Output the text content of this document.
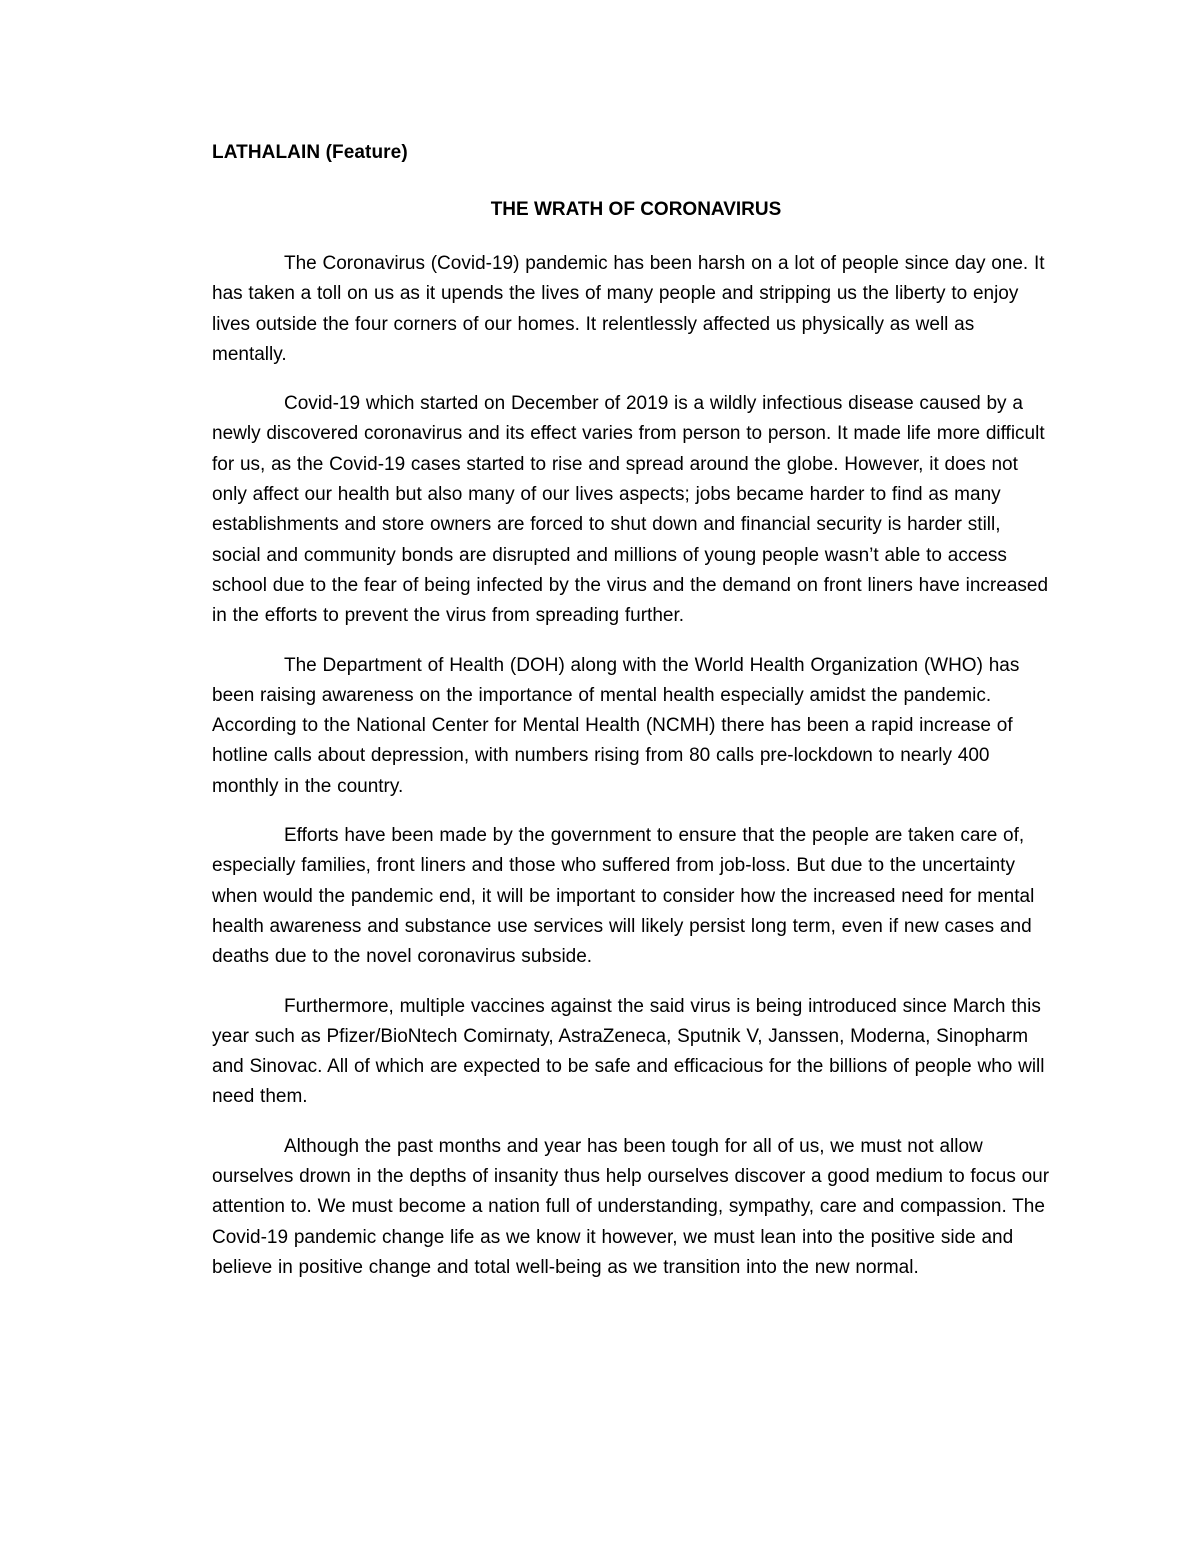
LATHALAIN (Feature)

THE WRATH OF CORONAVIRUS

The Coronavirus (Covid-19) pandemic has been harsh on a lot of people since day one. It has taken a toll on us as it upends the lives of many people and stripping us the liberty to enjoy lives outside the four corners of our homes. It relentlessly affected us physically as well as mentally.

Covid-19 which started on December of 2019 is a wildly infectious disease caused by a newly discovered coronavirus and its effect varies from person to person. It made life more difficult for us, as the Covid-19 cases started to rise and spread around the globe. However, it does not only affect our health but also many of our lives aspects; jobs became harder to find as many establishments and store owners are forced to shut down and financial security is harder still, social and community bonds are disrupted and millions of young people wasn’t able to access school due to the fear of being infected by the virus and the demand on front liners have increased in the efforts to prevent the virus from spreading further.

The Department of Health (DOH) along with the World Health Organization (WHO) has been raising awareness on the importance of mental health especially amidst the pandemic. According to the National Center for Mental Health (NCMH) there has been a rapid increase of hotline calls about depression, with numbers rising from 80 calls pre-lockdown to nearly 400 monthly in the country.

Efforts have been made by the government to ensure that the people are taken care of, especially families, front liners and those who suffered from job-loss. But due to the uncertainty when would the pandemic end, it will be important to consider how the increased need for mental health awareness and substance use services will likely persist long term, even if new cases and deaths due to the novel coronavirus subside.

Furthermore, multiple vaccines against the said virus is being introduced since March this year such as Pfizer/BioNtech Comirnaty, AstraZeneca, Sputnik V, Janssen, Moderna, Sinopharm and Sinovac. All of which are expected to be safe and efficacious for the billions of people who will need them.

Although the past months and year has been tough for all of us, we must not allow ourselves drown in the depths of insanity thus help ourselves discover a good medium to focus our attention to. We must become a nation full of understanding, sympathy, care and compassion. The Covid-19 pandemic change life as we know it however, we must lean into the positive side and believe in positive change and total well-being as we transition into the new normal.
